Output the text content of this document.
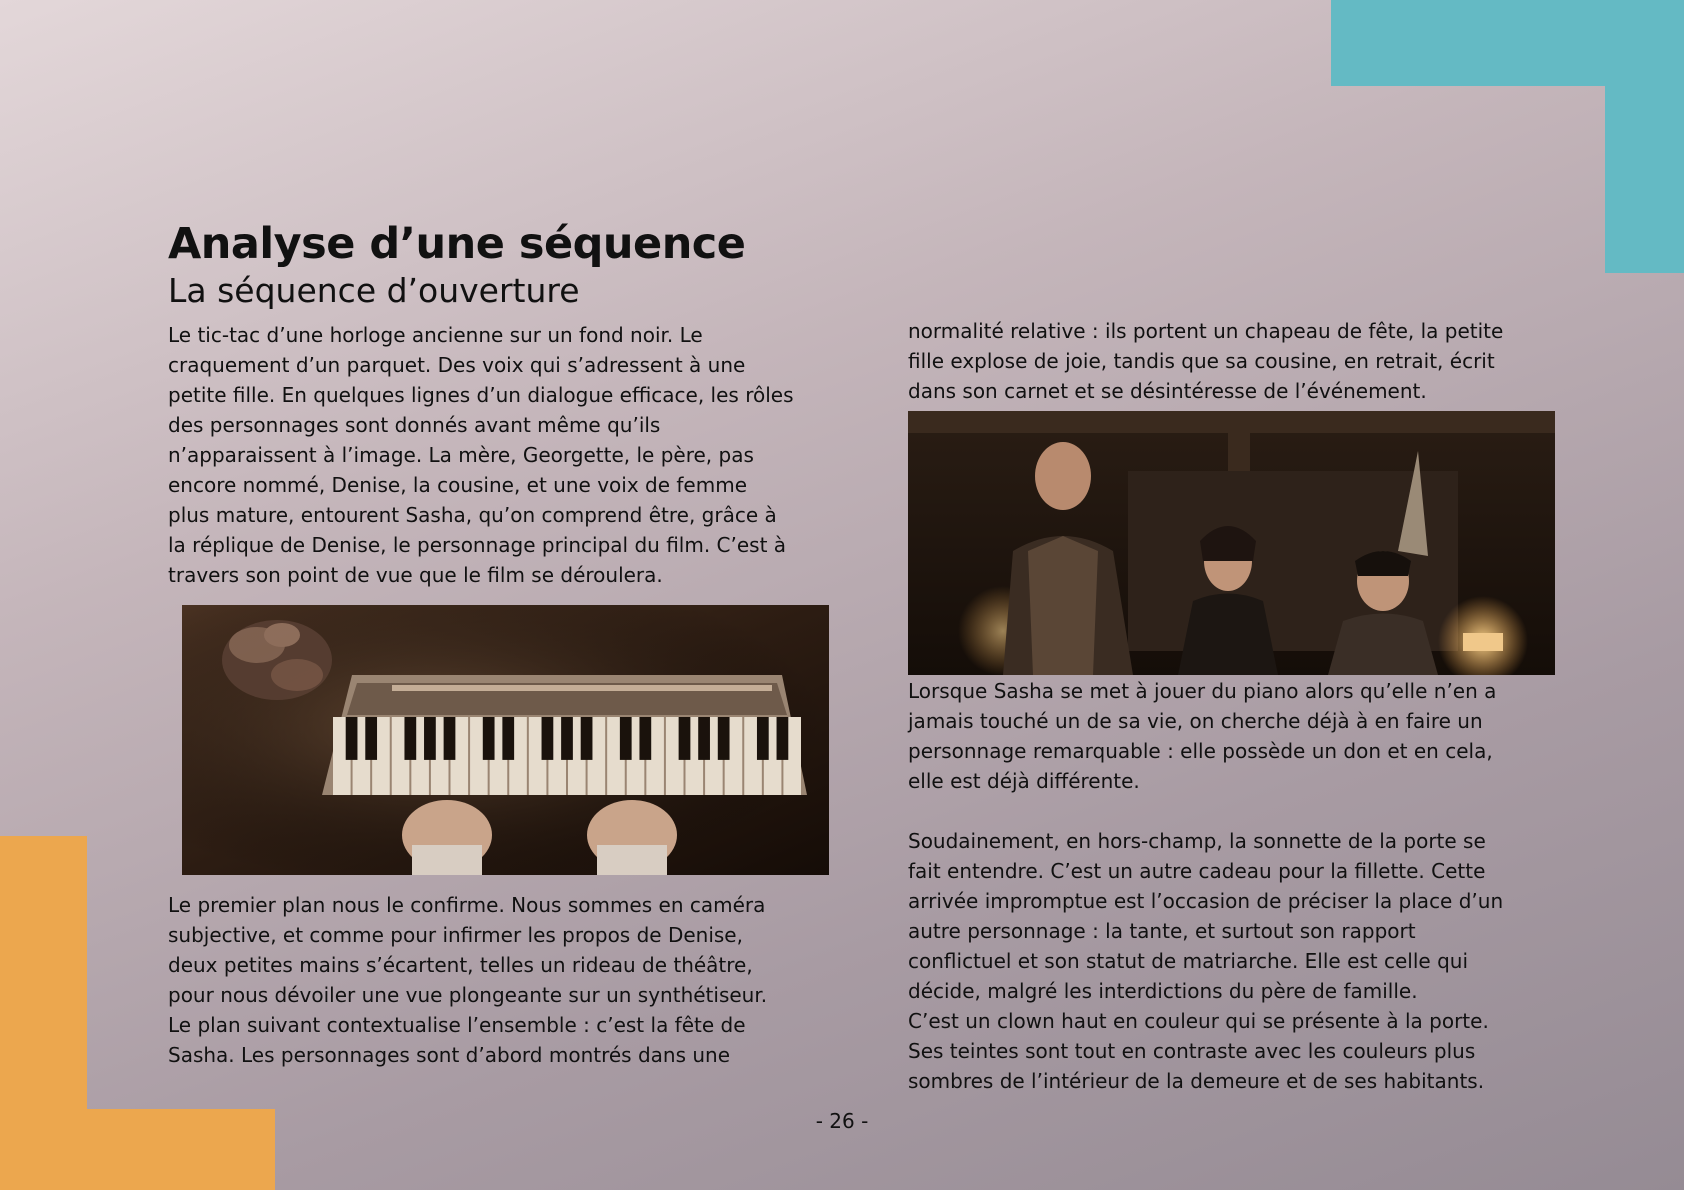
Analyse d’une séquence
La séquence d’ouverture

Le tic-tac d’une horloge ancienne sur un fond noir. Le
craquement d’un parquet. Des voix qui s’adressent à une
petite fille. En quelques lignes d’un dialogue efficace, les rôles
des personnages sont donnés avant même qu’ils
n’apparaissent à l’image. La mère, Georgette, le père, pas
encore nommé, Denise, la cousine, et une voix de femme
plus mature, entourent Sasha, qu’on comprend être, grâce à
la réplique de Denise, le personnage principal du film. C’est à
travers son point de vue que le film se déroulera.

Le premier plan nous le confirme. Nous sommes en caméra
subjective, et comme pour infirmer les propos de Denise,
deux petites mains s’écartent, telles un rideau de théâtre,
pour nous dévoiler une vue plongeante sur un synthétiseur.
Le plan suivant contextualise l’ensemble : c’est la fête de
Sasha. Les personnages sont d’abord montrés dans une

normalité relative : ils portent un chapeau de fête, la petite
fille explose de joie, tandis que sa cousine, en retrait, écrit
dans son carnet et se désintéresse de l’événement.

Lorsque Sasha se met à jouer du piano alors qu’elle n’en a
jamais touché un de sa vie, on cherche déjà à en faire un
personnage remarquable : elle possède un don et en cela,
elle est déjà différente.

Soudainement, en hors-champ, la sonnette de la porte se
fait entendre. C’est un autre cadeau pour la fillette. Cette
arrivée impromptue est l’occasion de préciser la place d’un
autre personnage : la tante, et surtout son rapport
conflictuel et son statut de matriarche. Elle est celle qui
décide, malgré les interdictions du père de famille.
C’est un clown haut en couleur qui se présente à la porte.
Ses teintes sont tout en contraste avec les couleurs plus
sombres de l’intérieur de la demeure et de ses habitants.

- 26 -
